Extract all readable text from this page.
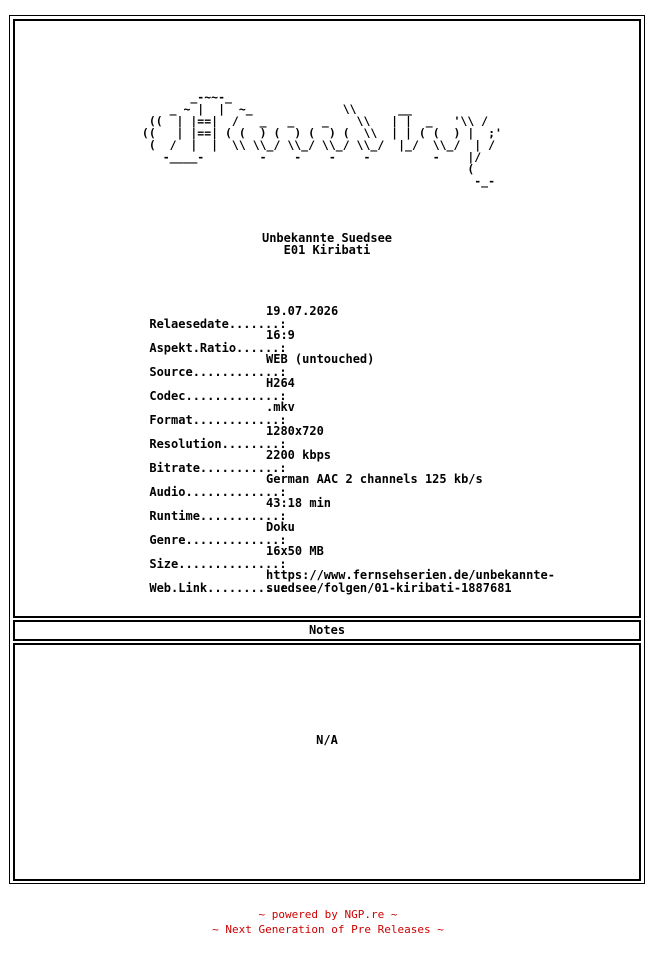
_-~~-_
_ ~ |  |  ~_             \\      __
((  | |==|  /   _   _    _    \\   | |  _   '\\ /
((   | |==| ( (  ) (  ) (  ) (  \\  | | ( (  ) |  ;'
(  /  |  |  \\ \\_/ \\_/ \\_/ \\_/  |_/  \\_/  | /
-____-        -    -    -    -         -    |/
(
-_-
Unbekannte Suedsee
E01 Kiribati

Relaesedate.......:
19.07.2026

Aspekt.Ratio......:
16:9

Source............:
WEB (untouched)

Codec.............:
H264

Format............:
.mkv

Resolution........:
1280x720

Bitrate...........:
2200 kbps

Audio.............:
German AAC 2 channels 125 kb/s

Runtime...........:
43:18 min

Genre.............:
Doku

Size..............:
16x50 MB

Web.Link..........:
https://www.fernsehserien.de/unbekannte-
suedsee/folgen/01-kiribati-1887681

Notes
N/A
~ powered by NGP.re ~
~ Next Generation of Pre Releases ~
